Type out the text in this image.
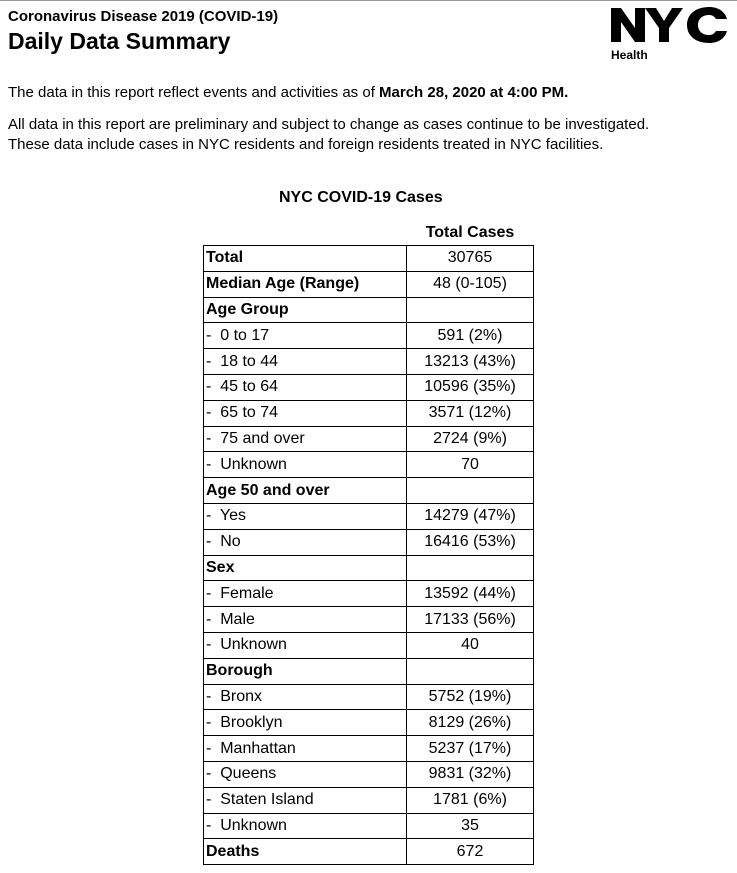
Coronavirus Disease 2019 (COVID-19)
Daily Data Summary
Health
The data in this report reflect events and activities as of March 28, 2020 at 4:00 PM.
All data in this report are preliminary and subject to change as cases continue to be investigated.
These data include cases in NYC residents and foreign residents treated in NYC facilities.
NYC COVID-19 Cases
Total Cases
Total	30765
Median Age (Range)	48 (0-105)
Age Group	
-  0 to 17	591 (2%)
-  18 to 44	13213 (43%)
-  45 to 64	10596 (35%)
-  65 to 74	3571 (12%)
-  75 and over	2724 (9%)
-  Unknown	70
Age 50 and over	
-  Yes	14279 (47%)
-  No	16416 (53%)
Sex	
-  Female	13592 (44%)
-  Male	17133 (56%)
-  Unknown	40
Borough	
-  Bronx	5752 (19%)
-  Brooklyn	8129 (26%)
-  Manhattan	5237 (17%)
-  Queens	9831 (32%)
-  Staten Island	1781 (6%)
-  Unknown	35
Deaths	672
